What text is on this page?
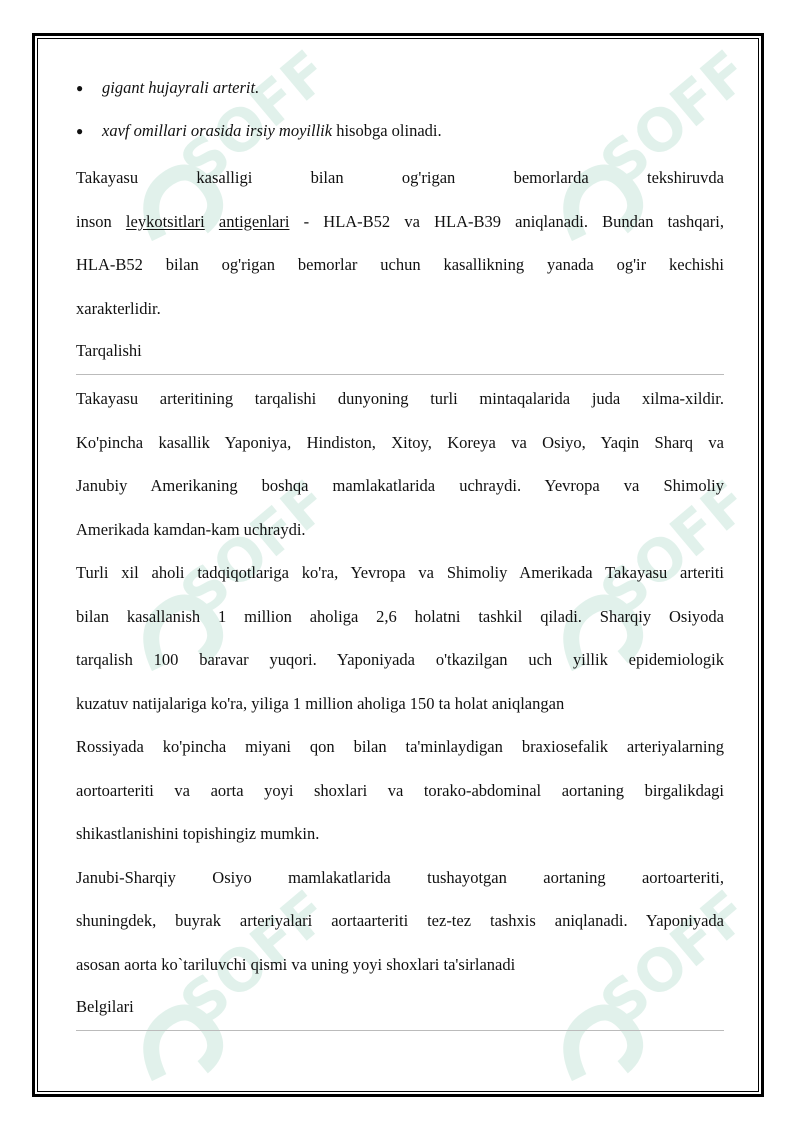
SOFF	SOFF
SOFF	SOFF
SOFF	SOFF
● gigant hujayrali arterit.
● xavf omillari orasida irsiy moyillik hisobga olinadi.
Takayasu kasalligi bilan og'rigan bemorlarda tekshiruvda
inson leykotsitlari antigenlari - HLA-B52 va HLA-B39 aniqlanadi. Bundan tashqari,
HLA-B52 bilan og'rigan bemorlar uchun kasallikning yanada og'ir kechishi
xarakterlidir.
Tarqalishi
Takayasu arteritining tarqalishi dunyoning turli mintaqalarida juda xilma-xildir.
Ko'pincha kasallik Yaponiya, Hindiston, Xitoy, Koreya va Osiyo, Yaqin Sharq va
Janubiy Amerikaning boshqa mamlakatlarida uchraydi. Yevropa va Shimoliy
Amerikada kamdan-kam uchraydi.
Turli xil aholi tadqiqotlariga ko'ra, Yevropa va Shimoliy Amerikada Takayasu arteriti
bilan kasallanish 1 million aholiga 2,6 holatni tashkil qiladi. Sharqiy Osiyoda
tarqalish 100 baravar yuqori. Yaponiyada o'tkazilgan uch yillik epidemiologik
kuzatuv natijalariga ko'ra, yiliga 1 million aholiga 150 ta holat aniqlangan
Rossiyada ko'pincha miyani qon bilan ta'minlaydigan braxiosefalik arteriyalarning
aortoarteriti va aorta yoyi shoxlari va torako-abdominal aortaning birgalikdagi
shikastlanishini topishingiz mumkin.
Janubi-Sharqiy Osiyo mamlakatlarida tushayotgan aortaning aortoarteriti,
shuningdek, buyrak arteriyalari aortaarteriti tez-tez tashxis aniqlanadi. Yaponiyada
asosan aorta ko`tariluvchi qismi va uning yoyi shoxlari ta'sirlanadi
Belgilari
